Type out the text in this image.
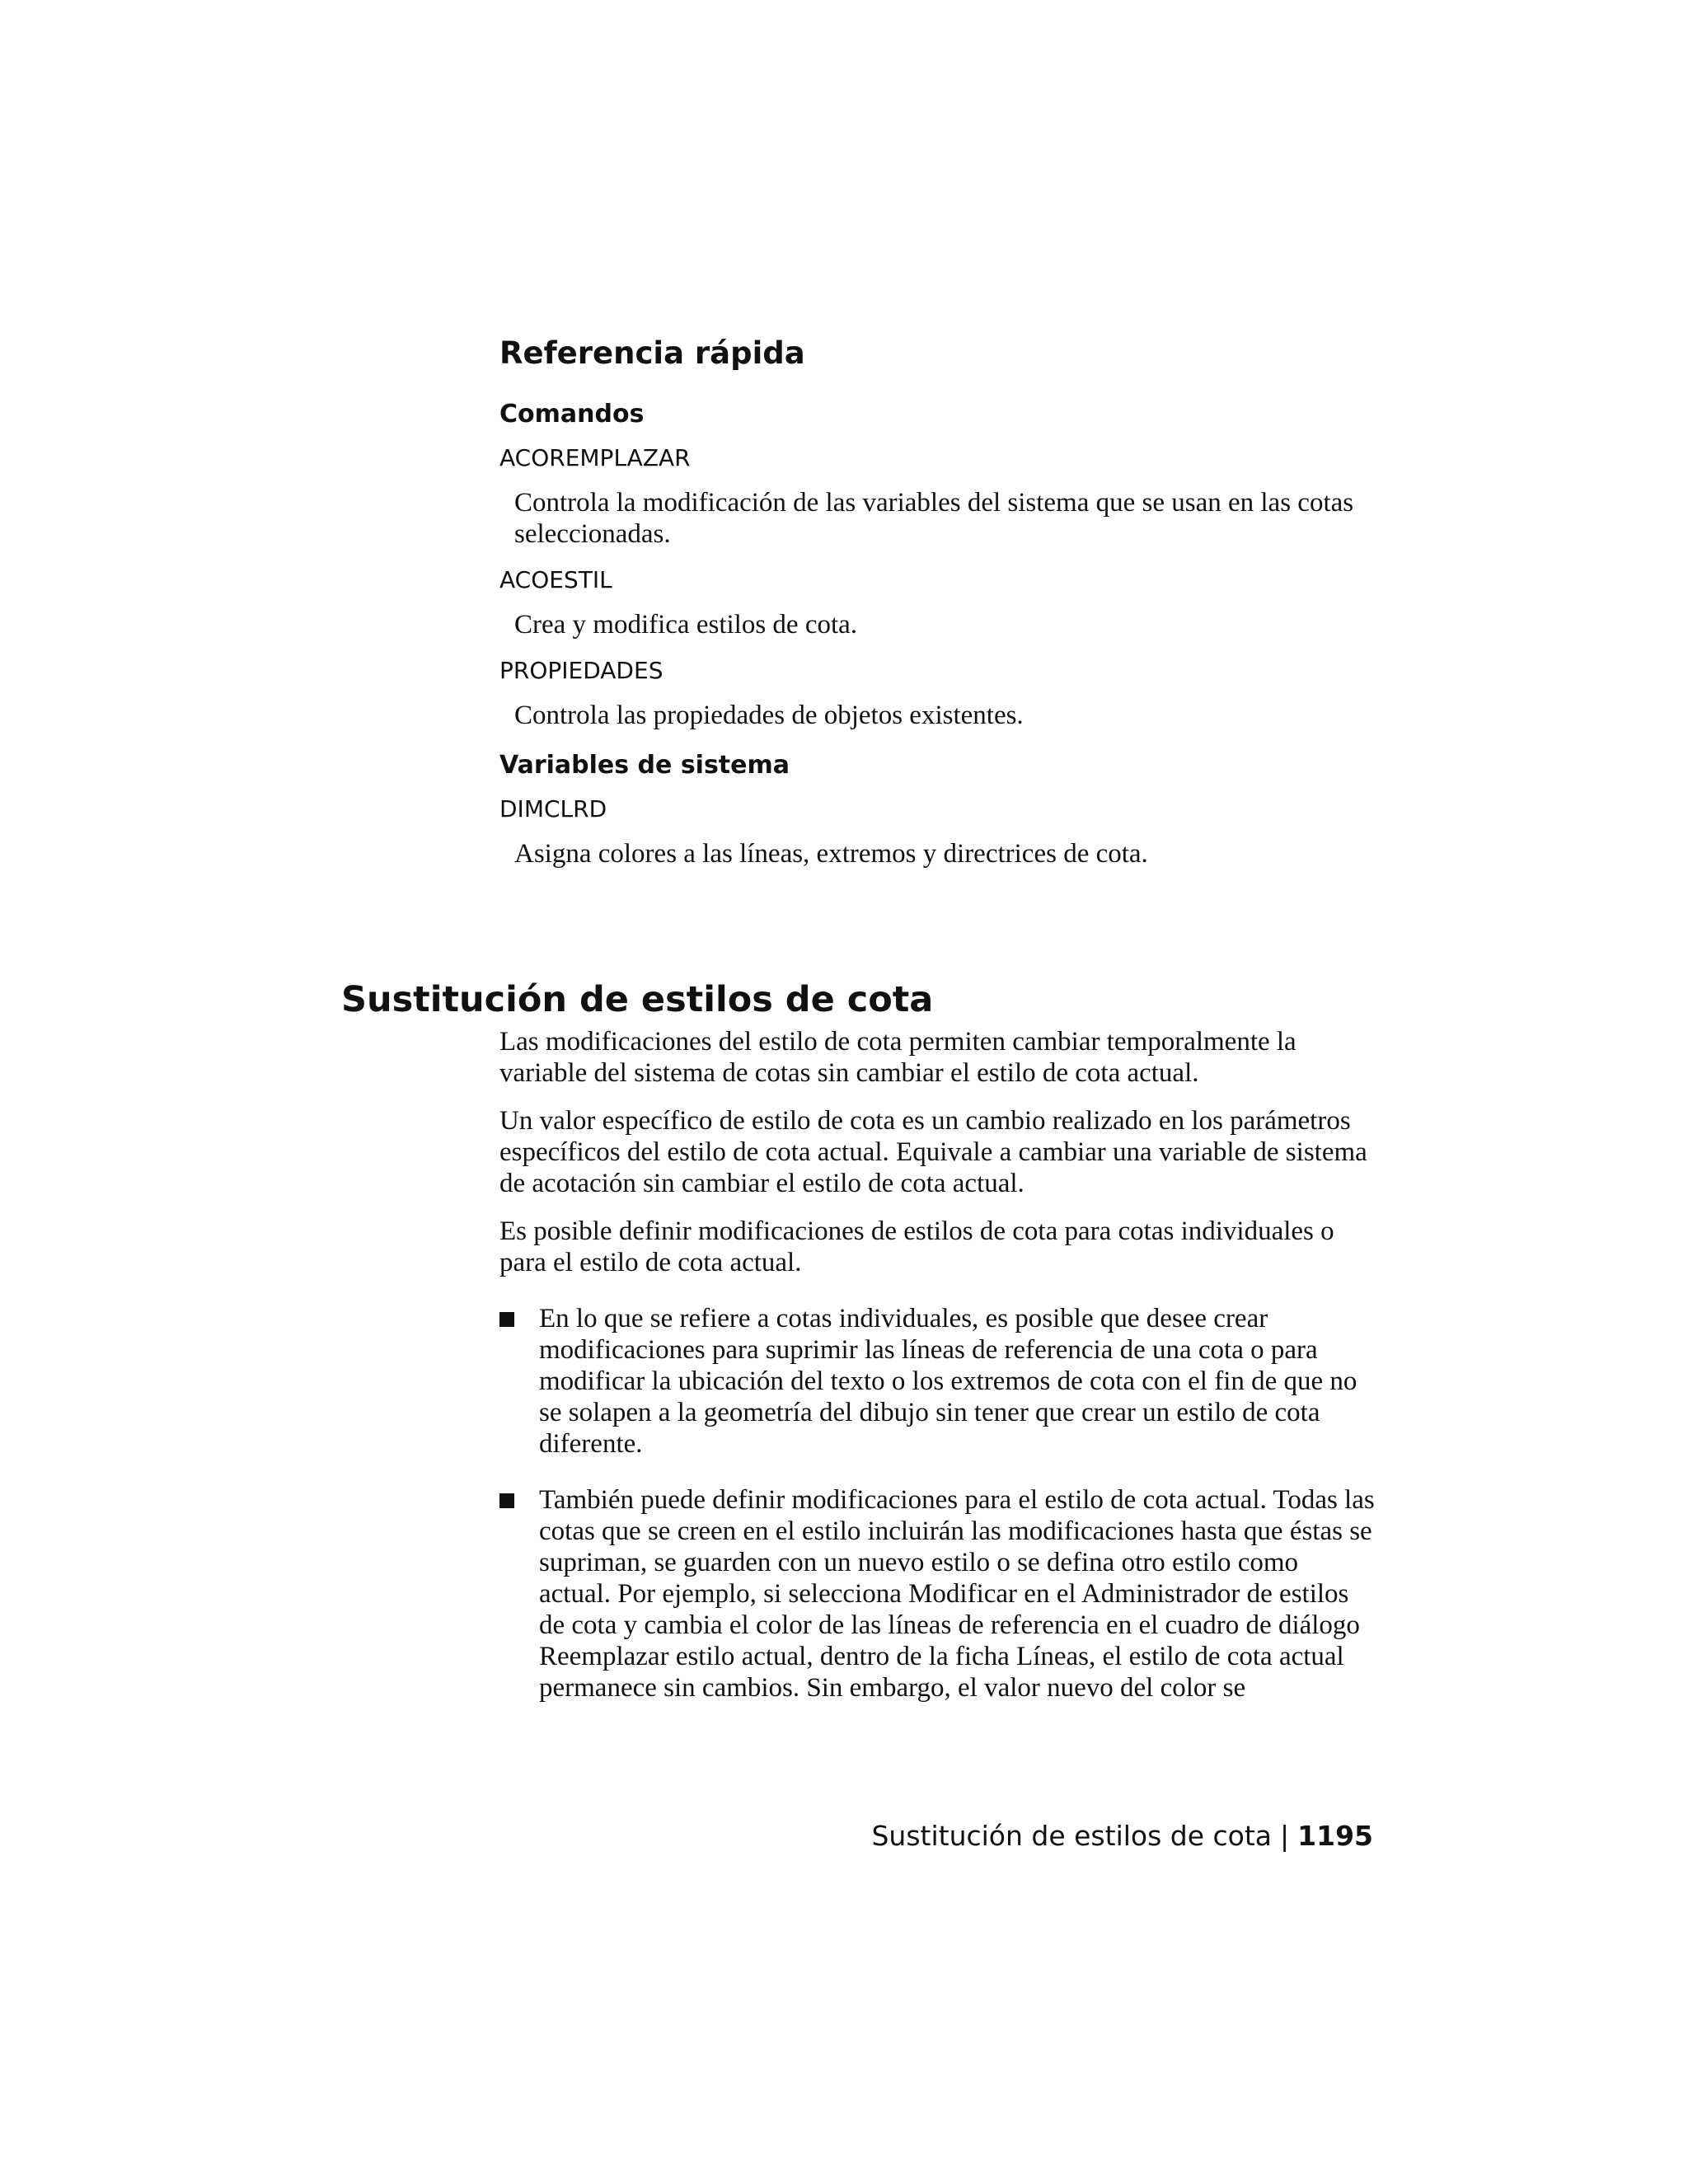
Referencia rápida
Comandos
ACOREMPLAZAR
Controla la modificación de las variables del sistema que se usan en las cotas seleccionadas.
ACOESTIL
Crea y modifica estilos de cota.
PROPIEDADES
Controla las propiedades de objetos existentes.
Variables de sistema
DIMCLRD
Asigna colores a las líneas, extremos y directrices de cota.
Sustitución de estilos de cota

Las modificaciones del estilo de cota permiten cambiar temporalmente la variable del sistema de cotas sin cambiar el estilo de cota actual.

Un valor específico de estilo de cota es un cambio realizado en los parámetros específicos del estilo de cota actual. Equivale a cambiar una variable de sistema de acotación sin cambiar el estilo de cota actual.

Es posible definir modificaciones de estilos de cota para cotas individuales o para el estilo de cota actual.

En lo que se refiere a cotas individuales, es posible que desee crear modificaciones para suprimir las líneas de referencia de una cota o para modificar la ubicación del texto o los extremos de cota con el fin de que no se solapen a la geometría del dibujo sin tener que crear un estilo de cota diferente.
También puede definir modificaciones para el estilo de cota actual. Todas las cotas que se creen en el estilo incluirán las modificaciones hasta que éstas se supriman, se guarden con un nuevo estilo o se defina otro estilo como actual. Por ejemplo, si selecciona Modificar en el Administrador de estilos de cota y cambia el color de las líneas de referencia en el cuadro de diálogo Reemplazar estilo actual, dentro de la ficha Líneas, el estilo de cota actual permanece sin cambios. Sin embargo, el valor nuevo del color se
Sustitución de estilos de cota | 1195
